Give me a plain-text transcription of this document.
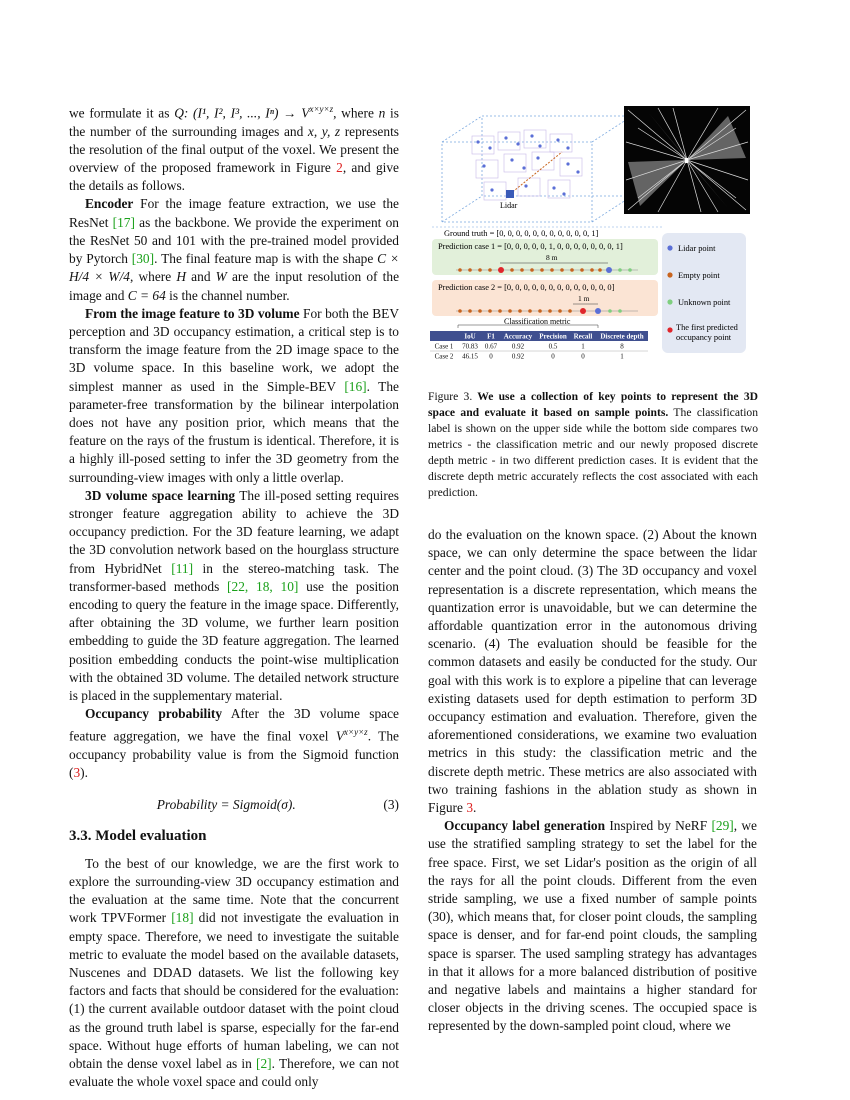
we formulate it as Q: (I¹, I², I³, ..., $I^n) \to V^{x\times y\times z}$, where n is the number of the surrounding images and x, y, z represents the resolution of the final output of the voxel. We present the overview of the proposed framework in Figure 2, and give the details as follows.

Encoder For the image feature extraction, we use the ResNet [17] as the backbone. We provide the experiment on the ResNet 50 and 101 with the pre-trained model provided by Pytorch [30]. The final feature map is with the shape C × H/4 × W/4, where H and W are the input resolution of the image and C = 64 is the channel number.

From the image feature to 3D volume For both the BEV perception and 3D occupancy estimation, a critical step is to transform the image feature from the 2D image space to the 3D volume space. In this baseline work, we adopt the simplest manner as used in the Simple-BEV [16]. The parameter-free transformation by the bilinear interpolation does not have any position prior, which means that the feature on the rays of the frustum is identical. Therefore, it is a highly ill-posed setting to infer the 3D geometry from the surrounding-view images with only a little overlap.

3D volume space learning The ill-posed setting requires stronger feature aggregation ability to achieve the 3D occupancy prediction. For the 3D feature learning, we adapt the 3D convolution network based on the hourglass structure from HybridNet [11] in the stereo-matching task. The transformer-based methods [22, 18, 10] use the position encoding to query the feature in the image space. Differently, after obtaining the 3D volume, we further learn position embedding to guide the 3D feature aggregation. The learned position embedding conducts the point-wise multiplication with the obtained 3D volume. The detailed network structure is placed in the supplementary material.

Occupancy probability After the 3D volume space feature aggregation, we have the final voxel $V^{x\times y\times z}$. The occupancy probability value is from the Sigmoid function (3).

Probability = Sigmoid(σ).	(3)
3.3. Model evaluation

To the best of our knowledge, we are the first work to explore the surrounding-view 3D occupancy estimation and the evaluation at the same time. Note that the concurrent work TPVFormer [18] did not investigate the evaluation in empty space. Therefore, we need to investigate the suitable metric to evaluate the model based on the available datasets, Nuscenes and DDAD datasets. We list the following key factors and facts that should be considered for the evaluation: (1) the current available outdoor dataset with the point cloud as the ground truth label is sparse, especially for the far-end space. Without huge efforts of human labeling, we can not obtain the dense voxel label as in [2]. Therefore, we can not evaluate the whole voxel space and could only

Lidar
Ground truth = [0, 0, 0, 0, 0, 0, 0, 0, 0, 0, 0, 1]
Prediction case 1 = [0, 0, 0, 0, 0, 1, 0, 0, 0, 0, 0, 0, 0, 1]
8 m
Prediction case 2 = [0, 0, 0, 0, 0, 0, 0, 0, 0, 0, 0, 0, 0]
1 m
Classification metric
Lidar point
Empty point
Unknown point
The first predicted occupancy point
IoU F1 Accuracy Precision Recall Discrete depth
Case 1 70.83 0.67 0.92	0.5	1	8
Case 2 46.15 0	0.92	0	0	1
Figure 3. We use a collection of key points to represent the 3D space and evaluate it based on sample points. The classification label is shown on the upper side while the bottom side compares two metrics - the classification metric and our newly proposed discrete depth metric - in two different prediction cases. It is evident that the discrete depth metric accurately reflects the cost associated with each prediction.

do the evaluation on the known space. (2) About the known space, we can only determine the space between the lidar center and the point cloud. (3) The 3D occupancy and voxel representation is a discrete representation, which means the quantization error is unavoidable, but we can determine the affordable quantization error in the autonomous driving scenario. (4) The evaluation should be feasible for the common datasets and easily be conducted for the study. Our goal with this work is to explore a pipeline that can leverage existing datasets used for depth estimation to perform 3D occupancy estimation and evaluation. Therefore, given the aforementioned considerations, we examine two evaluation metrics in this study: the classification metric and the discrete depth metric. These metrics are also associated with two training fashions in the ablation study as shown in Figure 3.

Occupancy label generation Inspired by NeRF [29], we use the stratified sampling strategy to set the label for the free space. First, we set Lidar's position as the origin of all the rays for all the point clouds. Different from the even stride sampling, we use a fixed number of sample points (30), which means that, for closer point clouds, the sampling space is denser, and for far-end point clouds, the sampling space is sparser. The used sampling strategy has advantages in that it allows for a more balanced distribution of positive and negative labels and maintains a higher standard for closer objects in the driving scenes. The occupied space is represented by the down-sampled point cloud, where we
